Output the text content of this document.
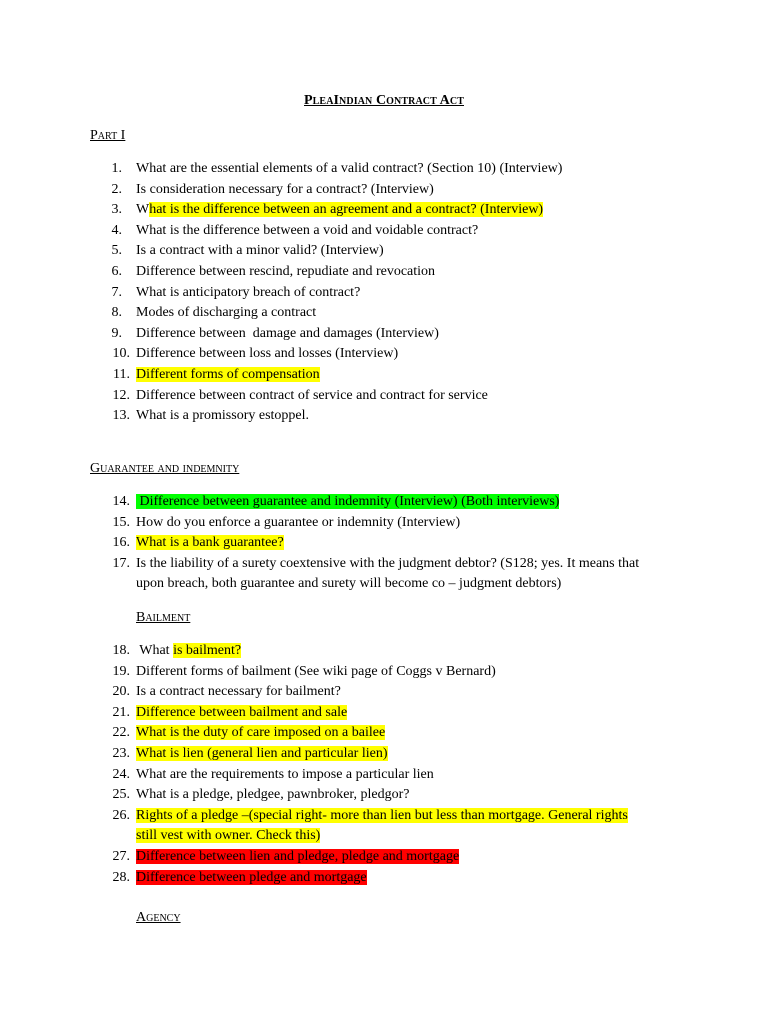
PleaIndian Contract Act
Part I
1. What are the essential elements of a valid contract? (Section 10) (Interview)
2. Is consideration necessary for a contract? (Interview)
3. What is the difference between an agreement and a contract? (Interview)
4. What is the difference between a void and voidable contract?
5. Is a contract with a minor valid? (Interview)
6. Difference between rescind, repudiate and revocation
7. What is anticipatory breach of contract?
8. Modes of discharging a contract
9. Difference between  damage and damages (Interview)
10. Difference between loss and losses (Interview)
11. Different forms of compensation
12. Difference between contract of service and contract for service
13. What is a promissory estoppel.
Guarantee and indemnity
14. Difference between guarantee and indemnity (Interview) (Both interviews)
15. How do you enforce a guarantee or indemnity (Interview)
16. What is a bank guarantee?
17. Is the liability of a surety coextensive with the judgment debtor? (S128; yes. It means that
upon breach, both guarantee and surety will become co – judgment debtors)
Bailment
18. What is bailment?
19. Different forms of bailment (See wiki page of Coggs v Bernard)
20. Is a contract necessary for bailment?
21. Difference between bailment and sale
22. What is the duty of care imposed on a bailee
23. What is lien (general lien and particular lien)
24. What are the requirements to impose a particular lien
25. What is a pledge, pledgee, pawnbroker, pledgor?
26. Rights of a pledge –(special right- more than lien but less than mortgage. General rights
still vest with owner. Check this)
27. Difference between lien and pledge, pledge and mortgage
28. Difference between pledge and mortgage
Agency
